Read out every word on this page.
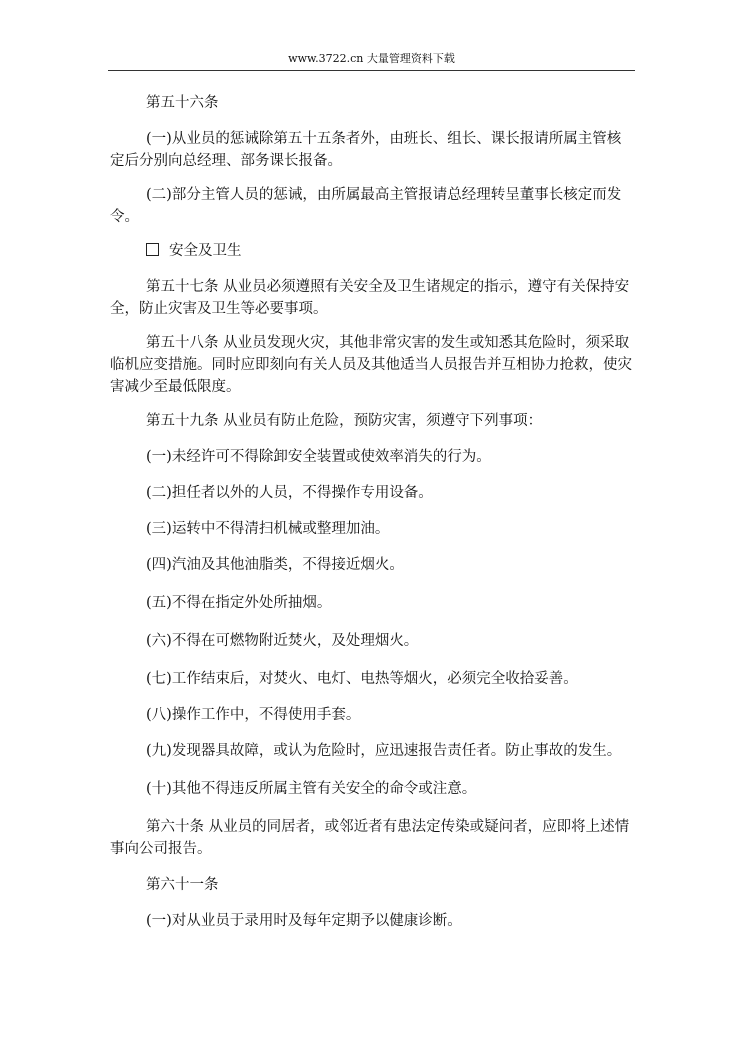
www.3722.cn 大量管理资料下载
第五十六条
(一)从业员的惩诫除第五十五条者外，由班长、组长、课长报请所属主管核定后分别向总经理、部务课长报备。
(二)部分主管人员的惩诫，由所属最高主管报请总经理转呈董事长核定而发令。
安全及卫生
第五十七条 从业员必须遵照有关安全及卫生诸规定的指示，遵守有关保持安全，防止灾害及卫生等必要事项。
第五十八条 从业员发现火灾，其他非常灾害的发生或知悉其危险时，须采取临机应变措施。同时应即刻向有关人员及其他适当人员报告并互相协力抢救，使灾害减少至最低限度。
第五十九条 从业员有防止危险，预防灾害，须遵守下列事项：
(一)未经许可不得除卸安全装置或使效率消失的行为。
(二)担任者以外的人员，不得操作专用设备。
(三)运转中不得清扫机械或整理加油。
(四)汽油及其他油脂类，不得接近烟火。
(五)不得在指定外处所抽烟。
(六)不得在可燃物附近焚火，及处理烟火。
(七)工作结束后，对焚火、电灯、电热等烟火，必须完全收拾妥善。
(八)操作工作中，不得使用手套。
(九)发现器具故障，或认为危险时，应迅速报告责任者。防止事故的发生。
(十)其他不得违反所属主管有关安全的命令或注意。
第六十条 从业员的同居者，或邻近者有患法定传染或疑问者，应即将上述情事向公司报告。
第六十一条
(一)对从业员于录用时及每年定期予以健康诊断。
